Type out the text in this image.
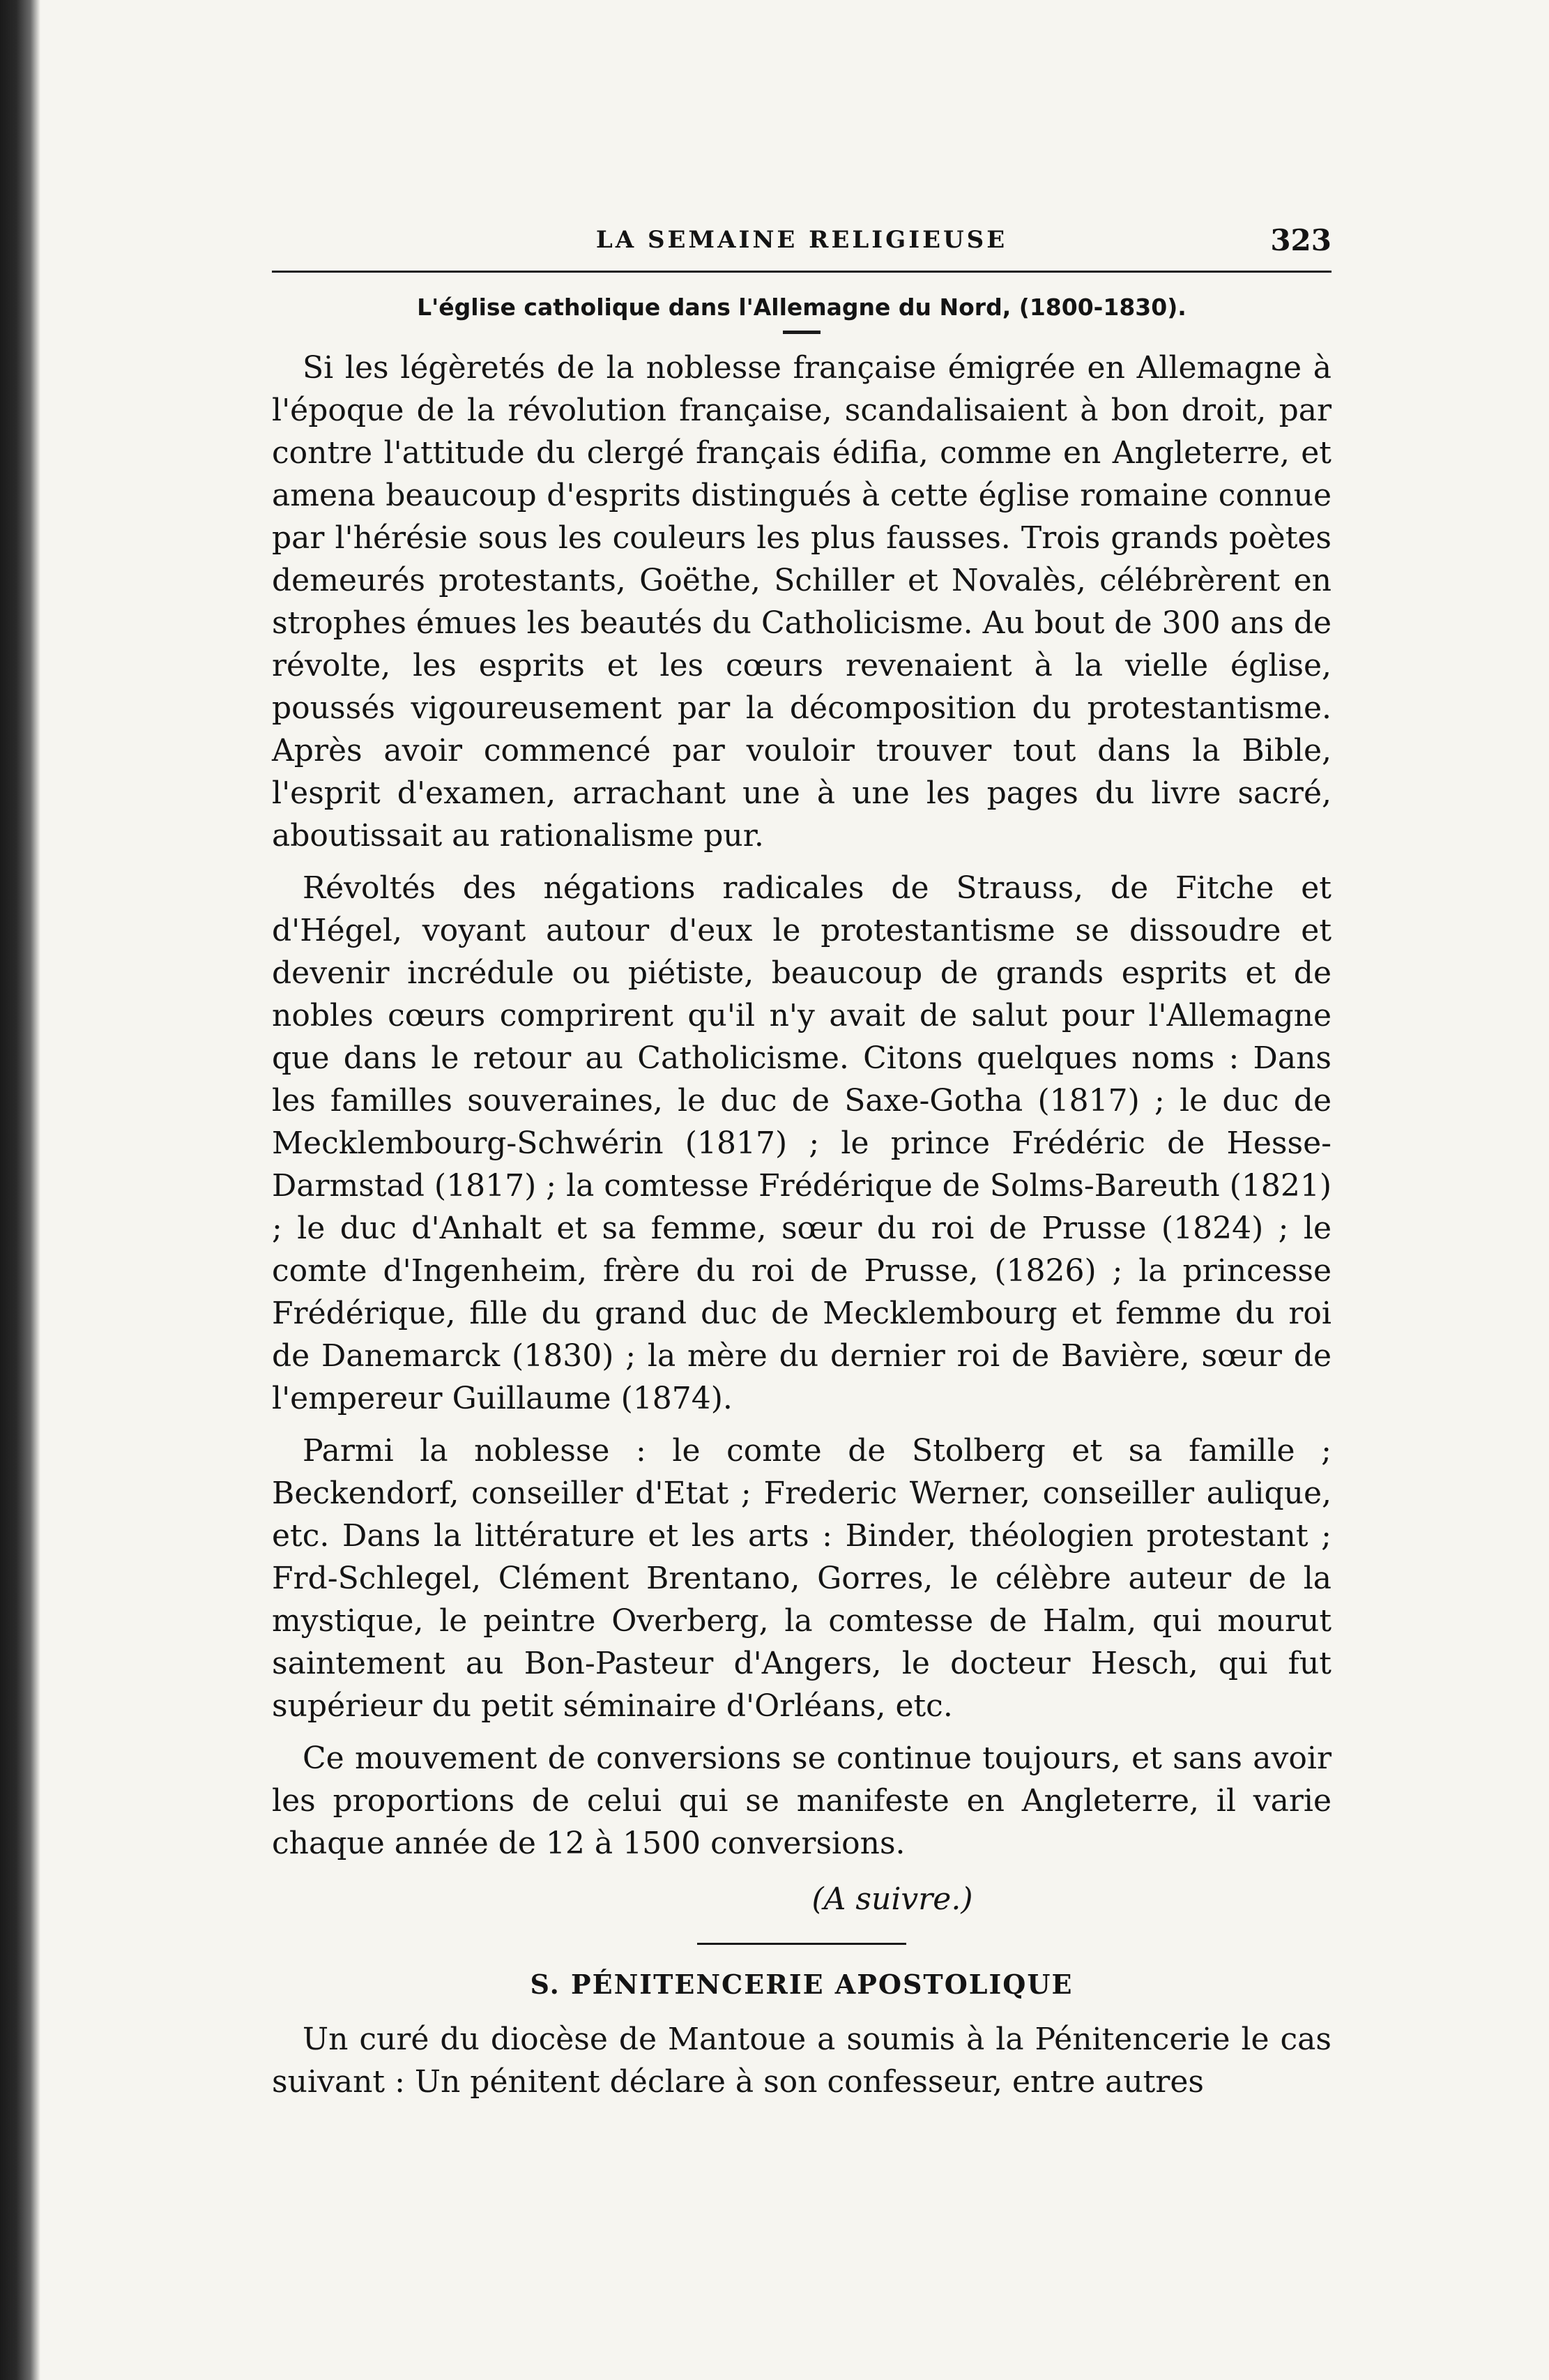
LA SEMAINE RELIGIEUSE	323
L'église catholique dans l'Allemagne du Nord, (1800-1830).

Si les légèretés de la noblesse française émigrée en Allemagne à l'époque de la révolution française, scandalisaient à bon droit, par contre l'attitude du clergé français édifia, comme en Angleterre, et amena beaucoup d'esprits distingués à cette église romaine connue par l'hérésie sous les couleurs les plus fausses. Trois grands poètes demeurés protestants, Goëthe, Schiller et Novalès, célébrèrent en strophes émues les beautés du Catholicisme. Au bout de 300 ans de révolte, les esprits et les cœurs revenaient à la vielle église, poussés vigoureusement par la décomposition du protestantisme. Après avoir commencé par vouloir trouver tout dans la Bible, l'esprit d'examen, arrachant une à une les pages du livre sacré, aboutissait au rationalisme pur.

Révoltés des négations radicales de Strauss, de Fitche et d'Hégel, voyant autour d'eux le protestantisme se dissoudre et devenir incrédule ou piétiste, beaucoup de grands esprits et de nobles cœurs comprirent qu'il n'y avait de salut pour l'Allemagne que dans le retour au Catholicisme. Citons quelques noms : Dans les familles souveraines, le duc de Saxe-Gotha (1817) ; le duc de Mecklembourg-Schwérin (1817) ; le prince Frédéric de Hesse-Darmstad (1817) ; la comtesse Frédérique de Solms-Bareuth (1821) ; le duc d'Anhalt et sa femme, sœur du roi de Prusse (1824) ; le comte d'Ingenheim, frère du roi de Prusse, (1826) ; la princesse Frédérique, fille du grand duc de Mecklembourg et femme du roi de Danemarck (1830) ; la mère du dernier roi de Bavière, sœur de l'empereur Guillaume (1874).

Parmi la noblesse : le comte de Stolberg et sa famille ; Beckendorf, conseiller d'Etat ; Frederic Werner, conseiller aulique, etc. Dans la littérature et les arts : Binder, théologien protestant ; Frd-Schlegel, Clément Brentano, Gorres, le célèbre auteur de la mystique, le peintre Overberg, la comtesse de Halm, qui mourut saintement au Bon-Pasteur d'Angers, le docteur Hesch, qui fut supérieur du petit séminaire d'Orléans, etc.

Ce mouvement de conversions se continue toujours, et sans avoir les proportions de celui qui se manifeste en Angleterre, il varie chaque année de 12 à 1500 conversions.

(A suivre.)
S. PÉNITENCERIE APOSTOLIQUE

Un curé du diocèse de Mantoue a soumis à la Pénitencerie le cas suivant : Un pénitent déclare à son confesseur, entre autres
